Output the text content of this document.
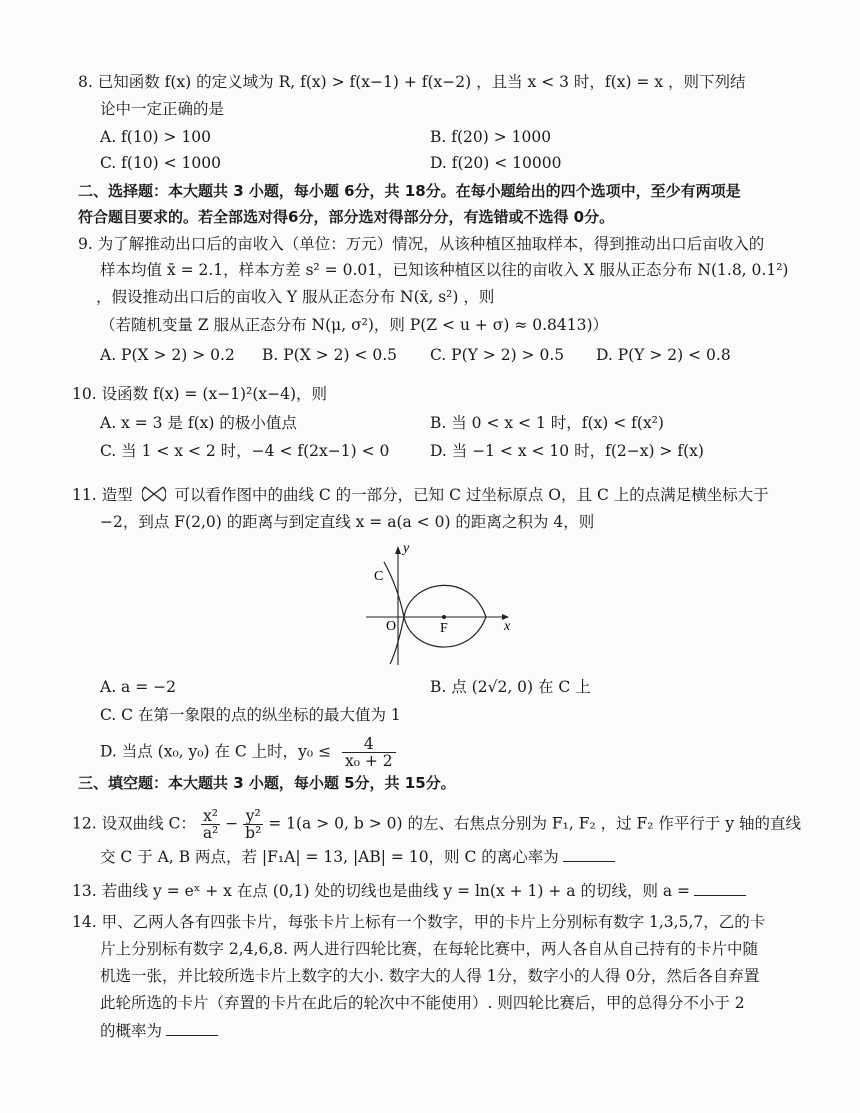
8. 已知函数 f(x) 的定义域为 R, f(x) > f(x−1) + f(x−2) ，且当 x < 3 时，f(x) = x ，则下列结
论中一定正确的是
A. f(10) > 100	B. f(20) > 1000
C. f(10) < 1000	D. f(20) < 10000
二、选择题：本大题共 3 小题，每小题 6分，共 18分。在每小题给出的四个选项中，至少有两项是
符合题目要求的。若全部选对得6分，部分选对得部分分，有选错或不选得 0分。
9. 为了解推动出口后的亩收入（单位：万元）情况，从该种植区抽取样本，得到推动出口后亩收入的
样本均值 x̄ = 2.1，样本方差 s² = 0.01，已知该种植区以往的亩收入 X 服从正态分布 N(1.8, 0.1²)
，假设推动出口后的亩收入 Y 服从正态分布 N(x̄, s²) ，则
（若随机变量 Z 服从正态分布 N(μ, σ²)，则 P(Z < u + σ) ≈ 0.8413)）
A. P(X > 2) > 0.2 B. P(X > 2) < 0.5 C. P(Y > 2) > 0.5 D. P(Y > 2) < 0.8
10. 设函数 f(x) = (x−1)²(x−4)，则
A. x = 3 是 f(x) 的极小值点	B. 当 0 < x < 1 时，f(x) < f(x²)
C. 当 1 < x < 2 时，−4 < f(2x−1) < 0	D. 当 −1 < x < 10 时，f(2−x) > f(x)
11. 造型	可以看作图中的曲线 C 的一部分，已知 C 过坐标原点 O，且 C 上的点满足横坐标大于
−2，到点 F(2,0) 的距离与到定直线 x = a(a < 0) 的距离之积为 4，则
C
O	F	x
y
A. a = −2	B. 点 (2√2, 0) 在 C 上
C. C 在第一象限的点的纵坐标的最大值为 1
D. 当点 (x₀, y₀) 在 C 上时，$y_0 \le \frac{4}{\text{x₀ + 2}}$
三、填空题：本大题共 3 小题，每小题 5分，共 15分。
12. 设双曲线 C： $\frac{\text{x²}}{\text{a²}} - \frac{\text{y²}}{\text{b²}} = 1(a > 0$, b > 0) 的左、右焦点分别为 F₁, F₂ ，过 F₂ 作平行于 y 轴的直线
交 C 于 A, B 两点，若 |F₁A| = 13, |AB| = 10，则 C 的离心率为
13. 若曲线 y = eˣ + x 在点 (0,1) 处的切线也是曲线 y = ln(x + 1) + a 的切线，则 a =
14. 甲、乙两人各有四张卡片，每张卡片上标有一个数字，甲的卡片上分别标有数字 1,3,5,7，乙的卡
片上分别标有数字 2,4,6,8. 两人进行四轮比赛，在每轮比赛中，两人各自从自己持有的卡片中随
机选一张，并比较所选卡片上数字的大小. 数字大的人得 1分，数字小的人得 0分，然后各自弃置
此轮所选的卡片（弃置的卡片在此后的轮次中不能使用）. 则四轮比赛后，甲的总得分不小于 2
的概率为
